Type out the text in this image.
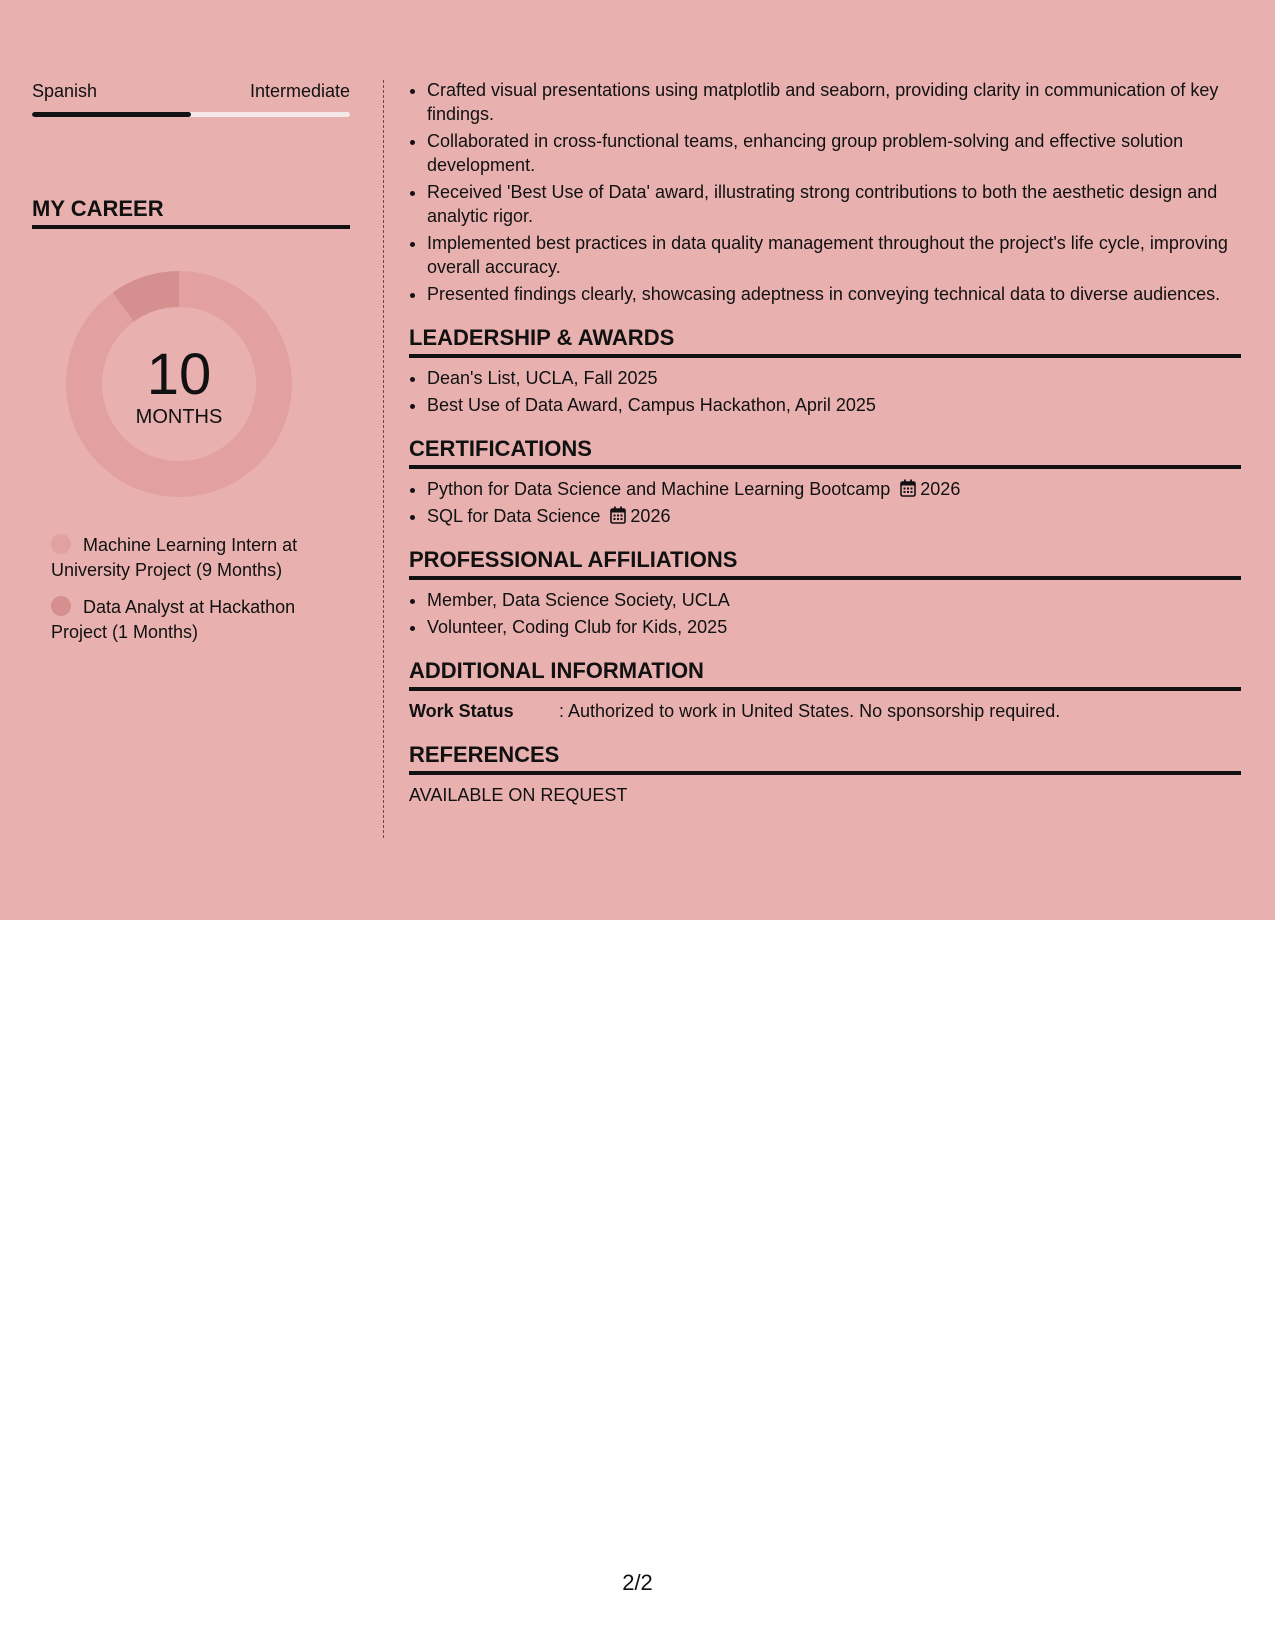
Spanish	Intermediate
MY CAREER
10
MONTHS
Machine Learning Intern at University Project (9 Months)
Data Analyst at Hackathon Project (1 Months)
• Crafted visual presentations using matplotlib and seaborn, providing clarity in communication of key findings.
• Collaborated in cross-functional teams, enhancing group problem-solving and effective solution development.
• Received 'Best Use of Data' award, illustrating strong contributions to both the aesthetic design and analytic rigor.
• Implemented best practices in data quality management throughout the project's life cycle, improving overall accuracy.
• Presented findings clearly, showcasing adeptness in conveying technical data to diverse audiences.
LEADERSHIP & AWARDS
• Dean's List, UCLA, Fall 2025
• Best Use of Data Award, Campus Hackathon, April 2025
CERTIFICATIONS
• Python for Data Science and Machine Learning Bootcamp 2026
• SQL for Data Science 2026
PROFESSIONAL AFFILIATIONS
• Member, Data Science Society, UCLA
• Volunteer, Coding Club for Kids, 2025
ADDITIONAL INFORMATION
Work Status	: Authorized to work in United States. No sponsorship required.
REFERENCES
AVAILABLE ON REQUEST
2/2
